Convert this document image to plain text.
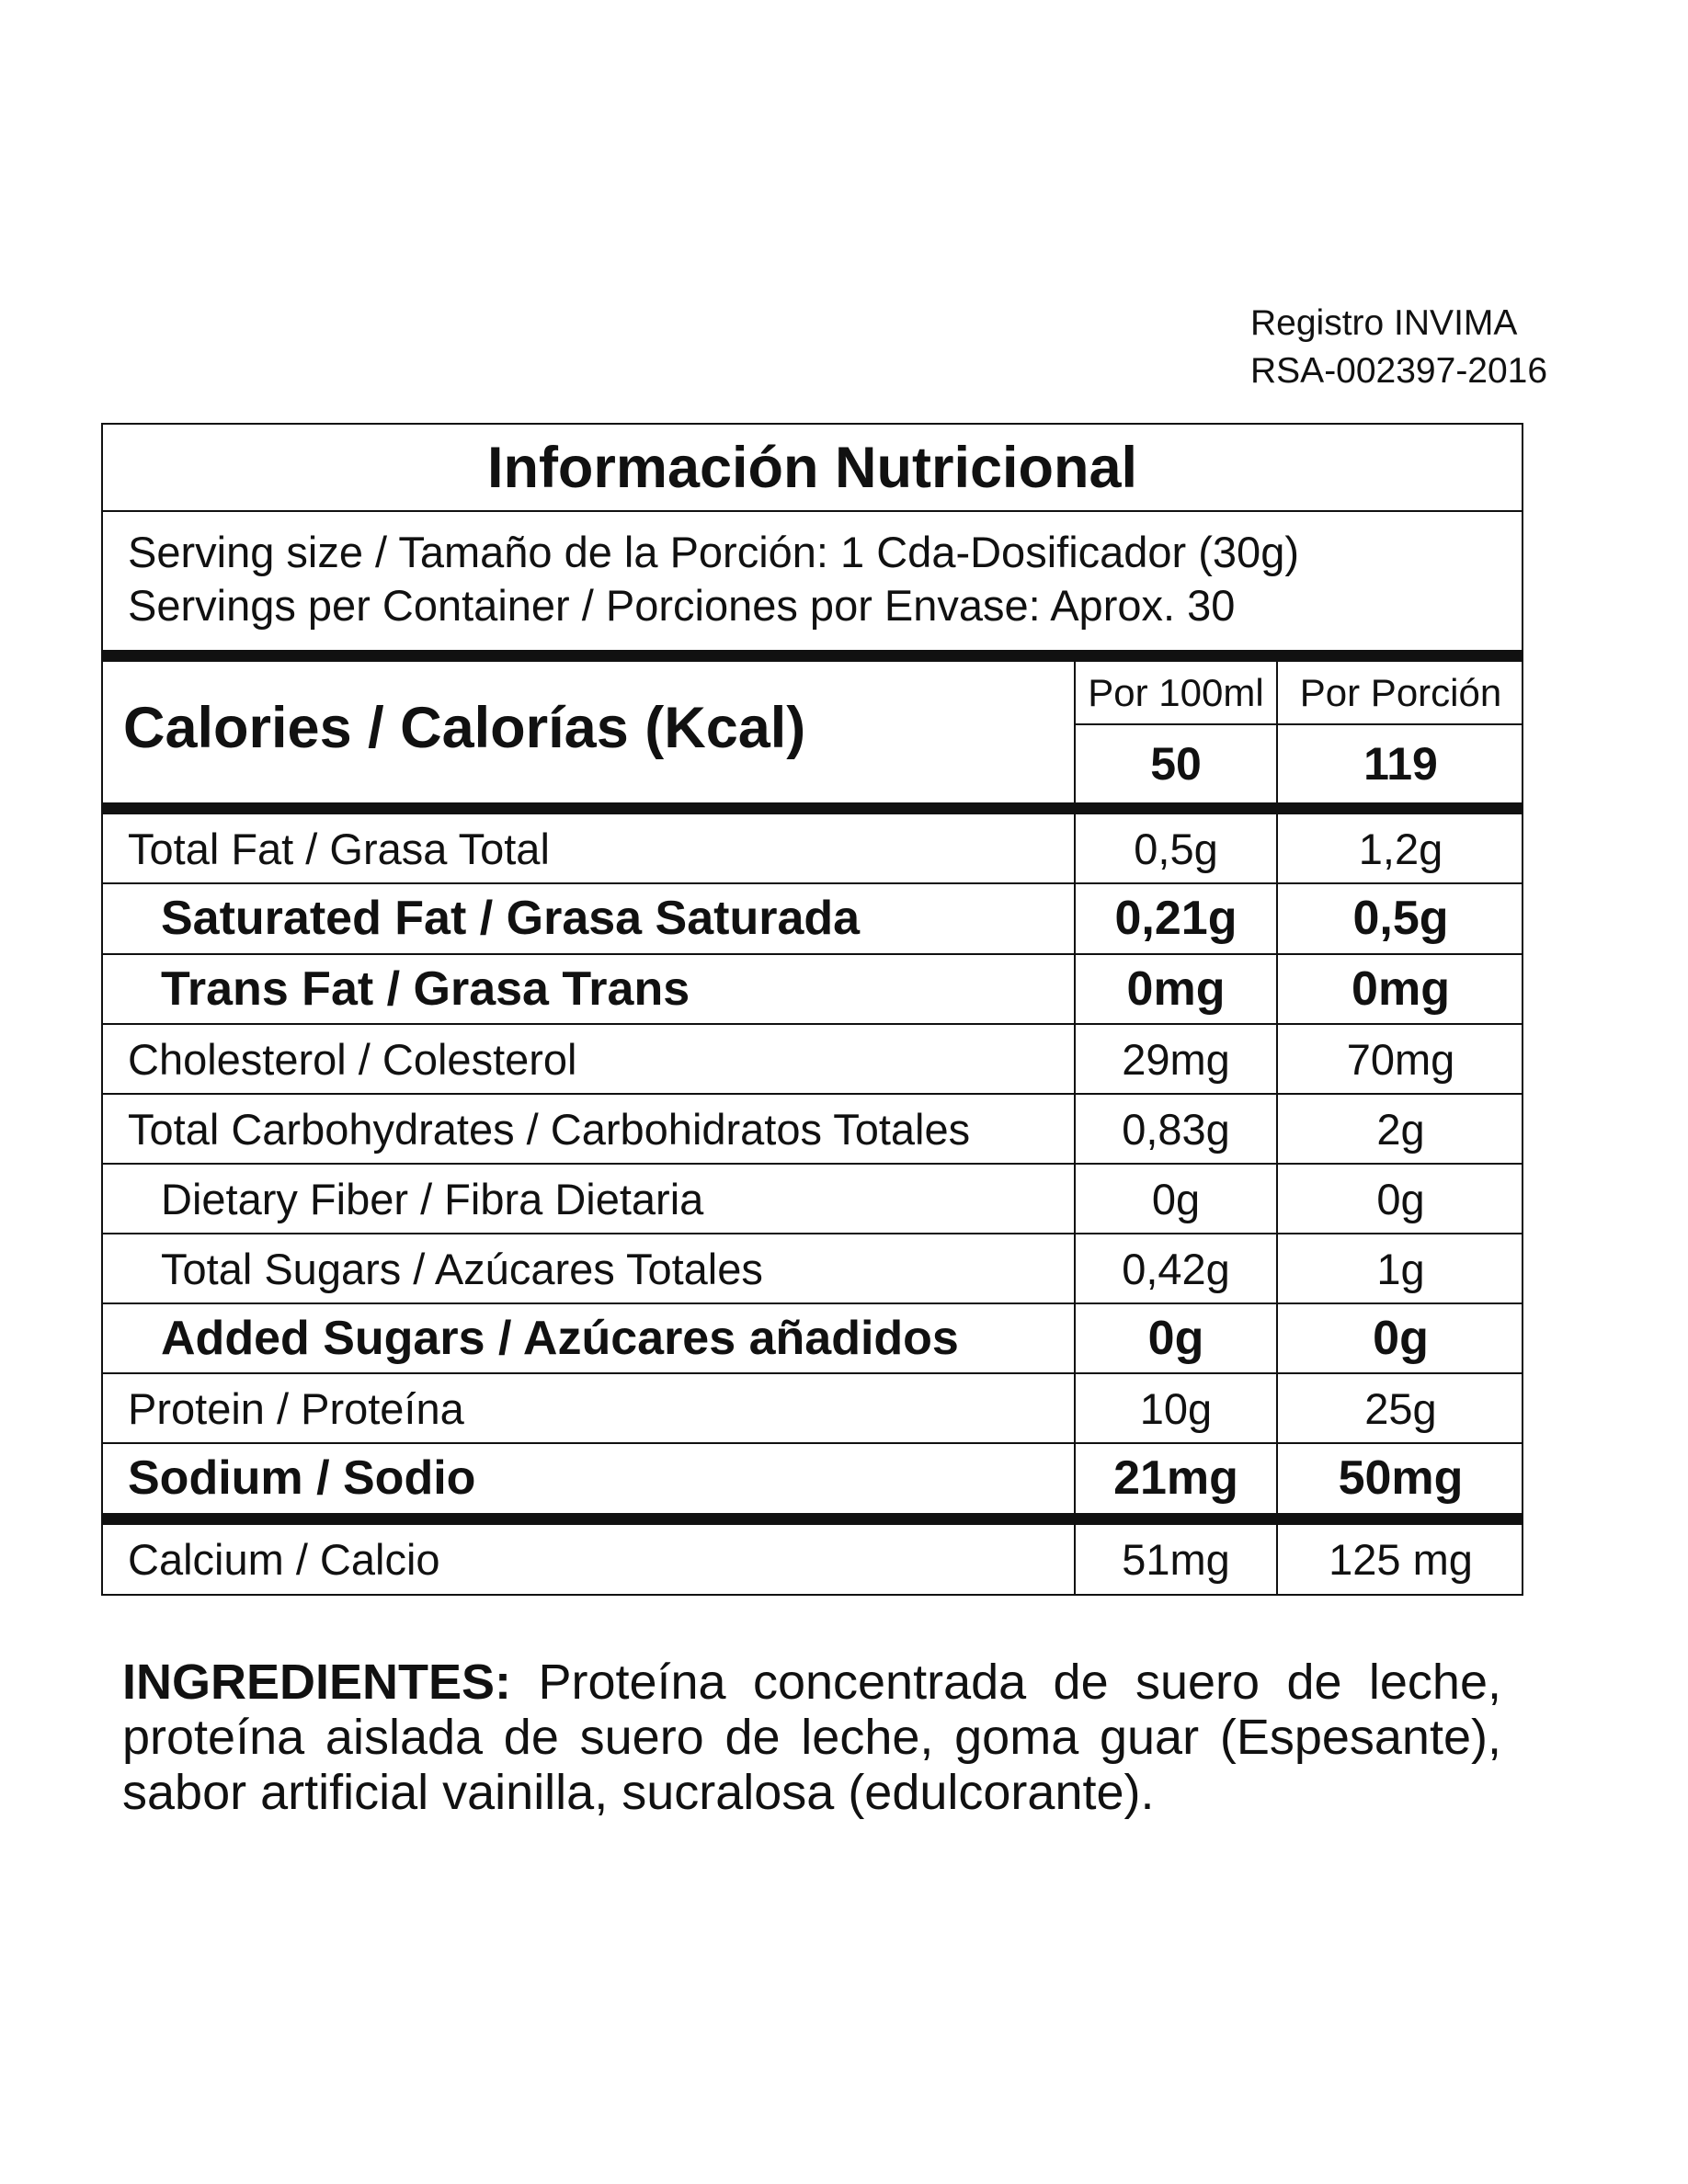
Registro INVIMA
RSA-002397-2016
Información Nutricional
Serving size / Tamaño de la Porción: 1 Cda-Dosificador (30g)
Servings per Container / Porciones por Envase: Aprox. 30
Calories / Calorías (Kcal)
Por 100ml Por Porción
50	119
Total Fat / Grasa Total	0,5g	1,2g
Saturated Fat / Grasa Saturada	0,21g	0,5g
Trans Fat / Grasa Trans	0mg	0mg
Cholesterol / Colesterol	29mg	70mg
Total Carbohydrates / Carbohidratos Totales	0,83g	2g
Dietary Fiber / Fibra Dietaria	0g	0g
Total Sugars / Azúcares Totales	0,42g	1g
Added Sugars / Azúcares añadidos	0g	0g
Protein / Proteína	10g	25g
Sodium / Sodio	21mg	50mg
Calcium / Calcio	51mg	125 mg
INGREDIENTES: Proteína concentrada de suero de leche, proteína aislada de suero de leche, goma guar (Espesante), sabor artificial vainilla, sucralosa (edulcorante).
